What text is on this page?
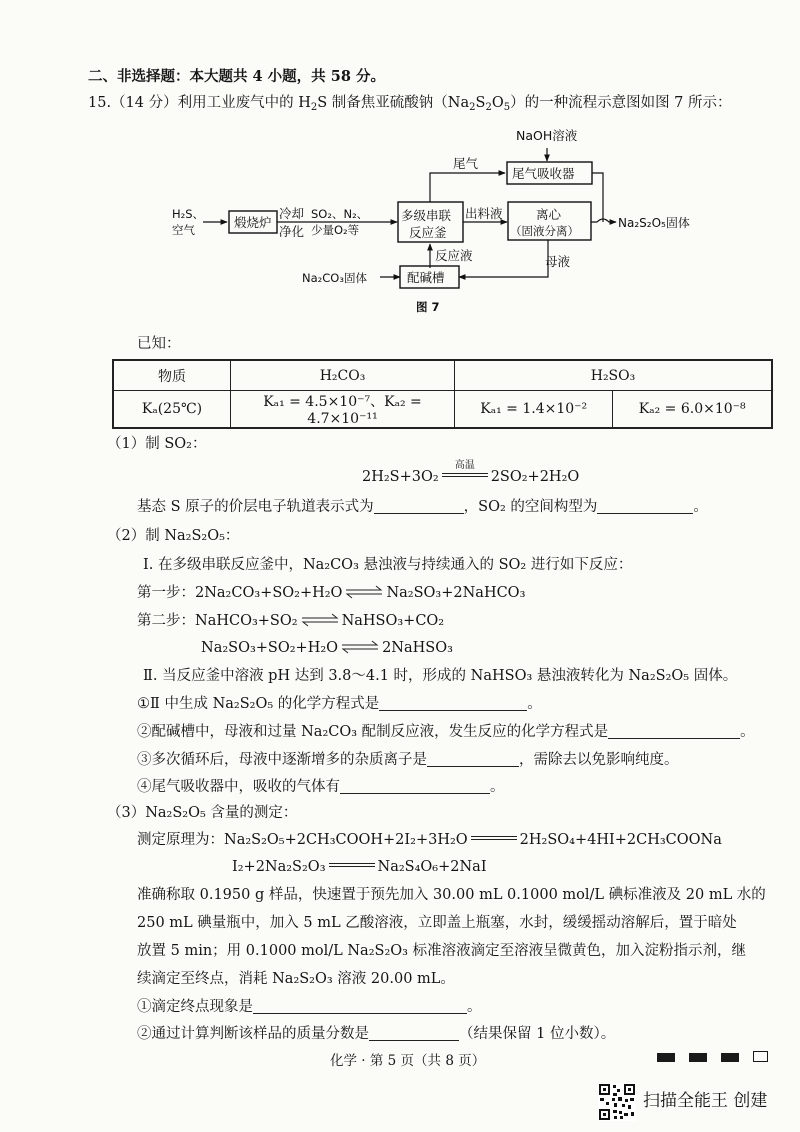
二、非选择题：本大题共 4 小题，共 58 分。
15.（14 分）利用工业废气中的 $H_2S$ 制备焦亚硫酸钠$(Na_2S_2O_5)$的一种流程示意图如图 7 所示：
NaOH溶液
尾气
尾气吸收器
H₂S、
空气	煅烧炉
冷却
净化
SO₂、N₂、
少量O₂等
多级串联
反应釜
出料液	离心
（固液分离）
Na₂S₂O₅固体
反应液	母液
Na₂CO₃固体	配碱槽
图 7
已知：
物质	H₂CO₃	H₂SO₃	
Kₐ(25℃)	Kₐ₁ = 4.5×10⁻⁷、Kₐ₂ = 4.7×10⁻¹¹	Kₐ₁ = 1.4×10⁻²	Kₐ₂ = 6.0×10⁻⁸
（1）制 SO₂：
2H₂S+3O₂
高温
2SO₂+2H₂O
基态 S 原子的价层电子轨道表示式为	，SO₂ 的空间构型为	。
（2）制 Na₂S₂O₅：
Ⅰ. 在多级串联反应釜中，Na₂CO₃ 悬浊液与持续通入的 SO₂ 进行如下反应：
第一步：2Na₂CO₃+SO₂+H₂O ⇌ Na₂SO₃+2NaHCO₃
第二步：NaHCO₃+SO₂ ⇌ NaHSO₃+CO₂
Na₂SO₃+SO₂+H₂O ⇌ 2NaHSO₃
Ⅱ. 当反应釜中溶液 pH 达到 3.8～4.1 时，形成的 NaHSO₃ 悬浊液转化为 Na₂S₂O₅ 固体。
①Ⅱ 中生成 Na₂S₂O₅ 的化学方程式是	。
②配碱槽中，母液和过量 Na₂CO₃ 配制反应液，发生反应的化学方程式是	。
③多次循环后，母液中逐渐增多的杂质离子是	，需除去以免影响纯度。
④尾气吸收器中，吸收的气体有	。
（3）Na₂S₂O₅ 含量的测定：
测定原理为：Na₂S₂O₅+2CH₃COOH+2I₂+3H₂O	2H₂SO₄+4HI+2CH₃COONa
I₂+2Na₂S₂O₃	Na₂S₄O₆+2NaI
准确称取 0.1950 g 样品，快速置于预先加入 30.00 mL 0.1000 mol/L 碘标准液及 20 mL 水的
250 mL 碘量瓶中，加入 5 mL 乙酸溶液，立即盖上瓶塞，水封，缓缓摇动溶解后，置于暗处
放置 5 min；用 0.1000 mol/L Na₂S₂O₃ 标准溶液滴定至溶液呈微黄色，加入淀粉指示剂，继
续滴定至终点，消耗 Na₂S₂O₃ 溶液 20.00 mL。
①滴定终点现象是	。
②通过计算判断该样品的质量分数是	（结果保留 1 位小数）。
化学 · 第 5 页（共 8 页）
扫描全能王 创建
